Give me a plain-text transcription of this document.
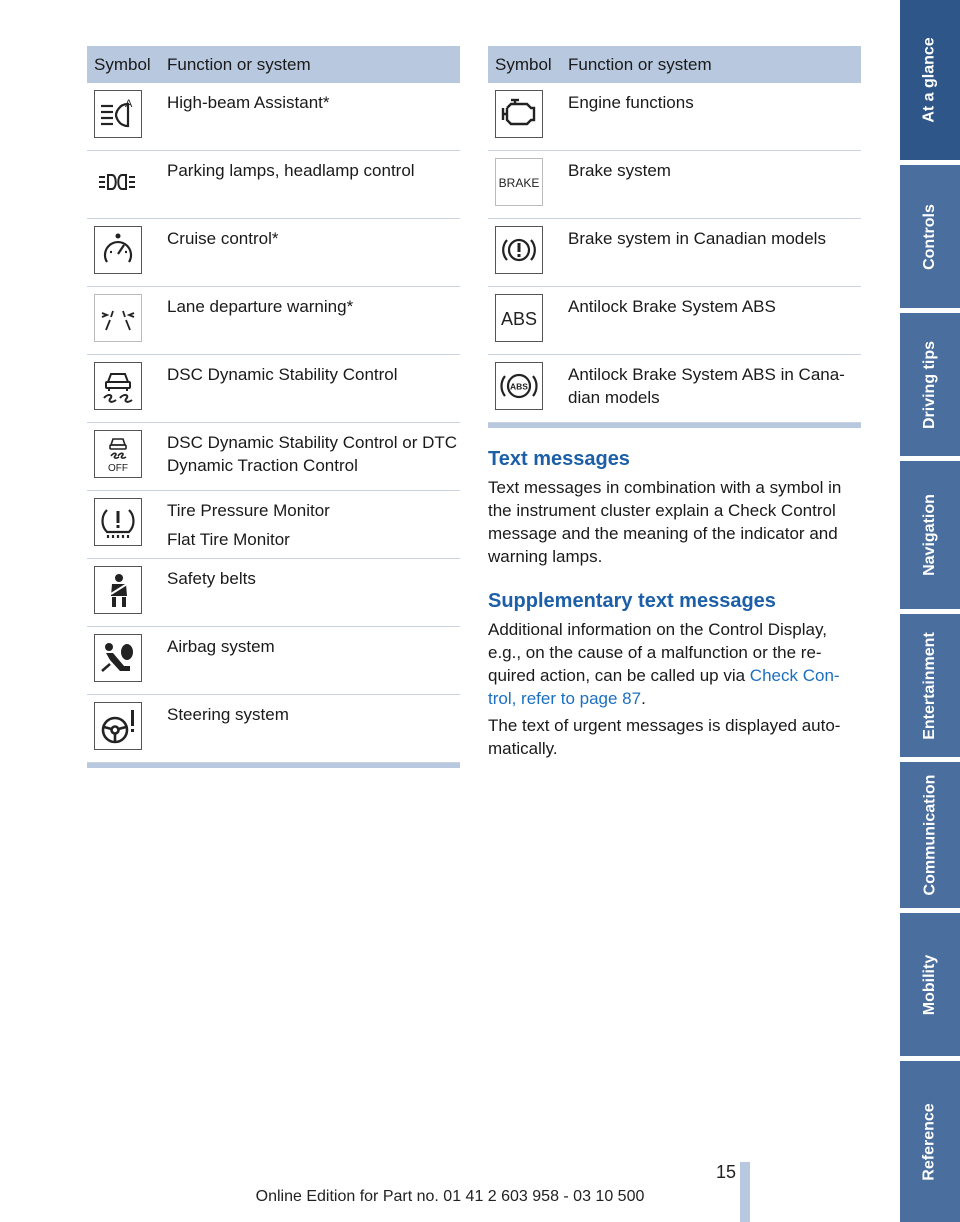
Symbol Function or system
A	High-beam Assistant*
Parking lamps, headlamp control
Cruise control*
Lane departure warning*
DSC Dynamic Stability Control
OFF
DSC Dynamic Stability Control or DTC Dynamic Traction Control
Tire Pressure Monitor
Flat Tire Monitor
Safety belts
Airbag system
Steering system
Symbol Function or system
Engine functions
BRAKE
Brake system
Brake system in Canadian models
ABS
Antilock Brake System ABS
ABS
Antilock Brake System ABS in Cana-dian models
Text messages

Text messages in combination with a symbol in the instrument cluster explain a Check Control message and the meaning of the indicator and warning lamps.

Supplementary text messages

Additional information on the Control Display, e.g., on the cause of a malfunction or the re-quired action, can be called up via Check Con-trol, refer to page 87.

The text of urgent messages is displayed auto-matically.

At a glance
Controls
Driving tips
Navigation
Entertainment
Communication
Mobility
Reference
15
Online Edition for Part no. 01 41 2 603 958 - 03 10 500
